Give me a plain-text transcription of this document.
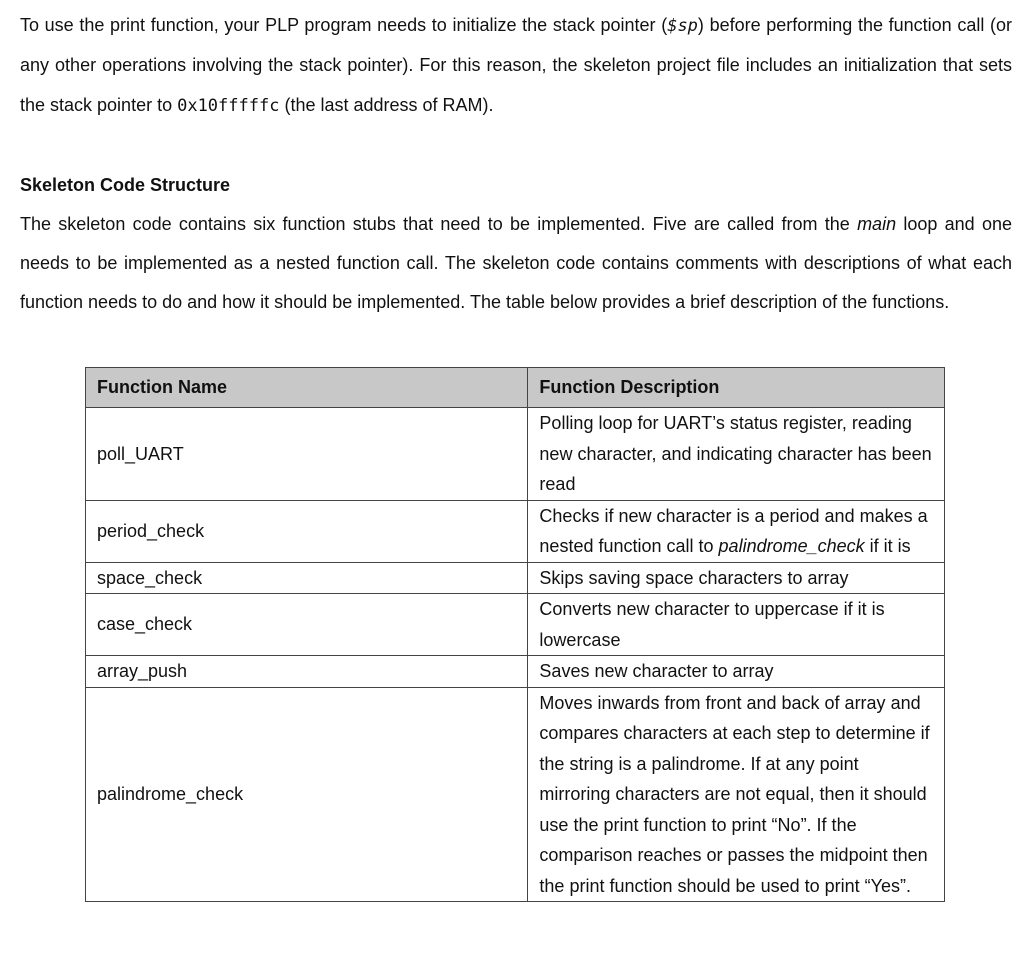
To use the print function, your PLP program needs to initialize the stack pointer ($sp) before performing the function call (or any other operations involving the stack pointer). For this reason, the skeleton project file includes an initialization that sets the stack pointer to 0x10fffffc (the last address of RAM).

Skeleton Code Structure

The skeleton code contains six function stubs that need to be implemented. Five are called from the main loop and one needs to be implemented as a nested function call. The skeleton code contains comments with descriptions of what each function needs to do and how it should be implemented. The table below provides a brief description of the functions.

Function Name	Function Description
poll_UART	Polling loop for UART’s status register, reading new character, and indicating character has been read
period_check	Checks if new character is a period and makes a nested function call to palindrome_check if it is
space_check	Skips saving space characters to array
case_check	Converts new character to uppercase if it is lowercase
array_push	Saves new character to array
palindrome_check	Moves inwards from front and back of array and compares characters at each step to determine if the string is a palindrome. If at any point mirroring characters are not equal, then it should use the print function to print “No”. If the comparison reaches or passes the midpoint then the print function should be used to print “Yes”.
